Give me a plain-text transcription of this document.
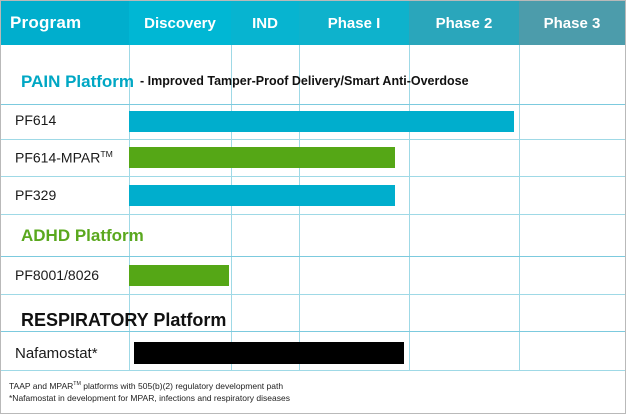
Program	Discovery IND	Phase I	Phase 2	Phase 3
PAIN Platform - Improved Tamper-Proof Delivery/Smart Anti-Overdose
PF614
PF614-MPAR™
PF329
ADHD Platform
PF8001/8026
RESPIRATORY Platform
Nafamostat*
TAAP and MPAR™ platforms with 505(b)(2) regulatory development path
*Nafamostat in development for MPAR, infections and respiratory diseases
